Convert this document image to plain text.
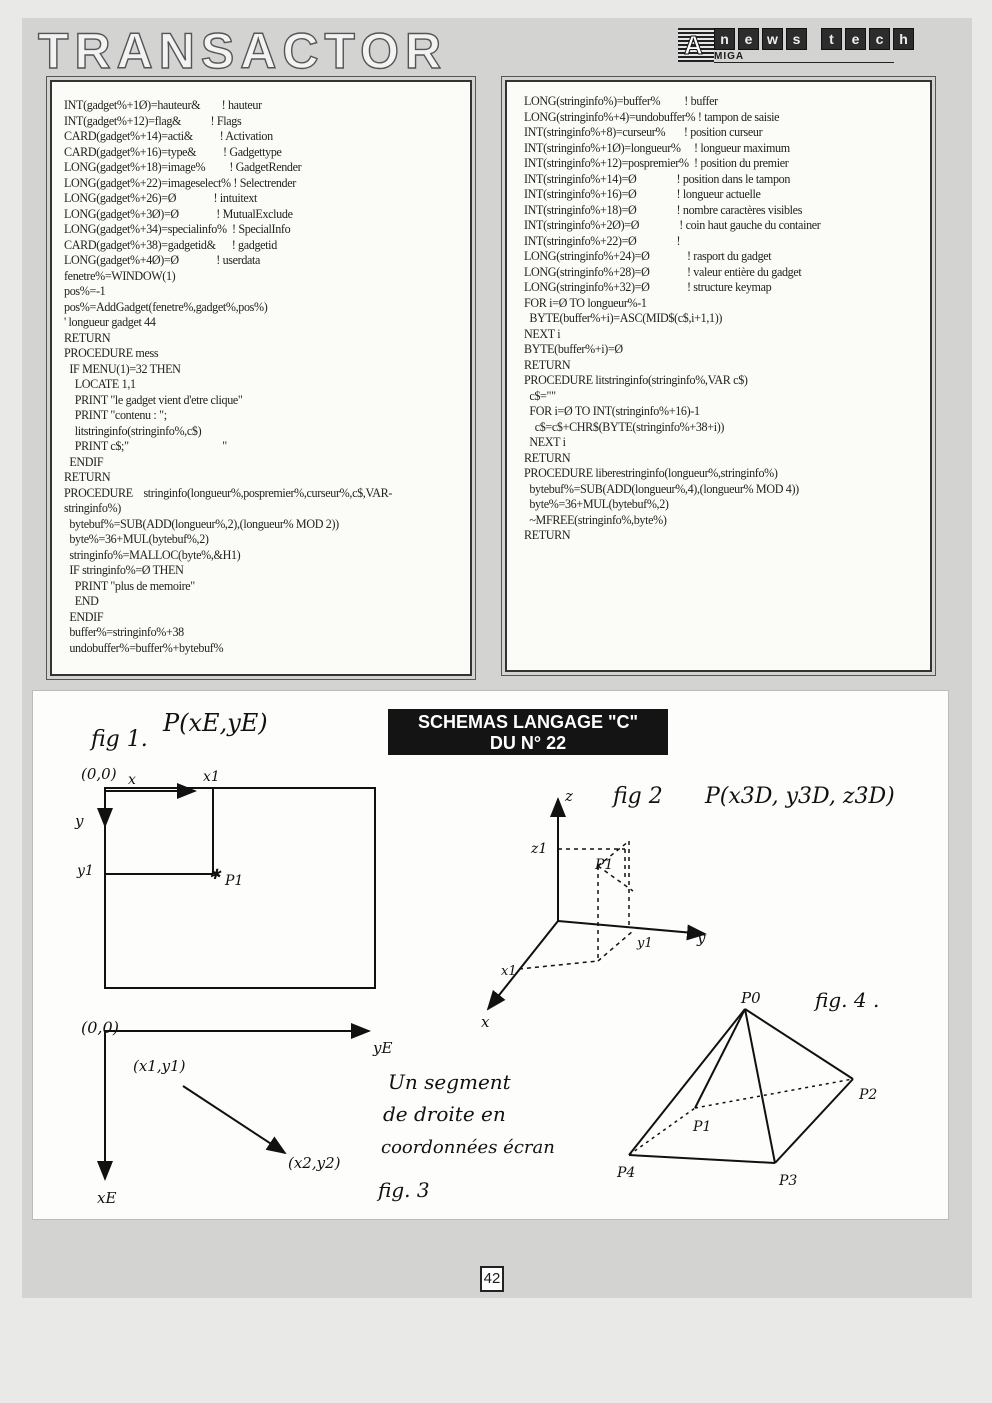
TRANSACTOR	A	n	e	w	s	t	e	c	h
MIGA
INT(gadget%+1Ø)=hauteur&        ! hauteur
INT(gadget%+12)=flag&           ! Flags
CARD(gadget%+14)=acti&          ! Activation
CARD(gadget%+16)=type&          ! Gadgettype
LONG(gadget%+18)=image%         ! GadgetRender
LONG(gadget%+22)=imageselect% ! Selectrender
LONG(gadget%+26)=Ø              ! intuitext
LONG(gadget%+3Ø)=Ø              ! MutualExclude
LONG(gadget%+34)=specialinfo%  ! SpecialInfo
CARD(gadget%+38)=gadgetid&      ! gadgetid
LONG(gadget%+4Ø)=Ø              ! userdata
fenetre%=WINDOW(1)
pos%=-1
pos%=AddGadget(fenetre%,gadget%,pos%)
' longueur gadget 44
RETURN
PROCEDURE mess
IF MENU(1)=32 THEN
LOCATE 1,1
PRINT "le gadget vient d'etre clique"
PRINT "contenu : ";
litstringinfo(stringinfo%,c$)
PRINT c$;"                                   "
ENDIF
RETURN
PROCEDURE    stringinfo(longueur%,pospremier%,curseur%,c$,VAR-
stringinfo%)
bytebuf%=SUB(ADD(longueur%,2),(longueur% MOD 2))
byte%=36+MUL(bytebuf%,2)
stringinfo%=MALLOC(byte%,&H1)
IF stringinfo%=Ø THEN
PRINT "plus de memoire"
END
ENDIF
buffer%=stringinfo%+38
undobuffer%=buffer%+bytebuf%
LONG(stringinfo%)=buffer%         ! buffer
LONG(stringinfo%+4)=undobuffer% ! tampon de saisie
INT(stringinfo%+8)=curseur%       ! position curseur
INT(stringinfo%+1Ø)=longueur%     ! longueur maximum
INT(stringinfo%+12)=pospremier%  ! position du premier
INT(stringinfo%+14)=Ø               ! position dans le tampon
INT(stringinfo%+16)=Ø               ! longueur actuelle
INT(stringinfo%+18)=Ø               ! nombre caractères visibles
INT(stringinfo%+2Ø)=Ø               ! coin haut gauche du container
INT(stringinfo%+22)=Ø               !
LONG(stringinfo%+24)=Ø              ! rasport du gadget
LONG(stringinfo%+28)=Ø              ! valeur entière du gadget
LONG(stringinfo%+32)=Ø              ! structure keymap
FOR i=Ø TO longueur%-1
BYTE(buffer%+i)=ASC(MID$(c$,i+1,1))
NEXT i
BYTE(buffer%+i)=Ø
RETURN
PROCEDURE litstringinfo(stringinfo%,VAR c$)
c$=""
FOR i=Ø TO INT(stringinfo%+16)-1
c$=c$+CHR$(BYTE(stringinfo%+38+i))
NEXT i
RETURN
PROCEDURE liberestringinfo(longueur%,stringinfo%)
bytebuf%=SUB(ADD(longueur%,4),(longueur% MOD 4))
byte%=36+MUL(bytebuf%,2)
~MFREE(stringinfo%,byte%)
RETURN
SCHEMAS LANGAGE "C"
DU N° 22
fig 1.
P(xE,yE)
(0,0) x
y
x1
y1	✱ P1
(0,0)
yE
xE
(x1,y1)
(x2,y2)
Un segment
de droite en
coordonnées écran
fig. 3
fig 2 P(x3D, y3D, z3D)
z
y
x
z1
P1
x1
y1
fig. 4 .
P0
P1
P2
P3
P4
42
